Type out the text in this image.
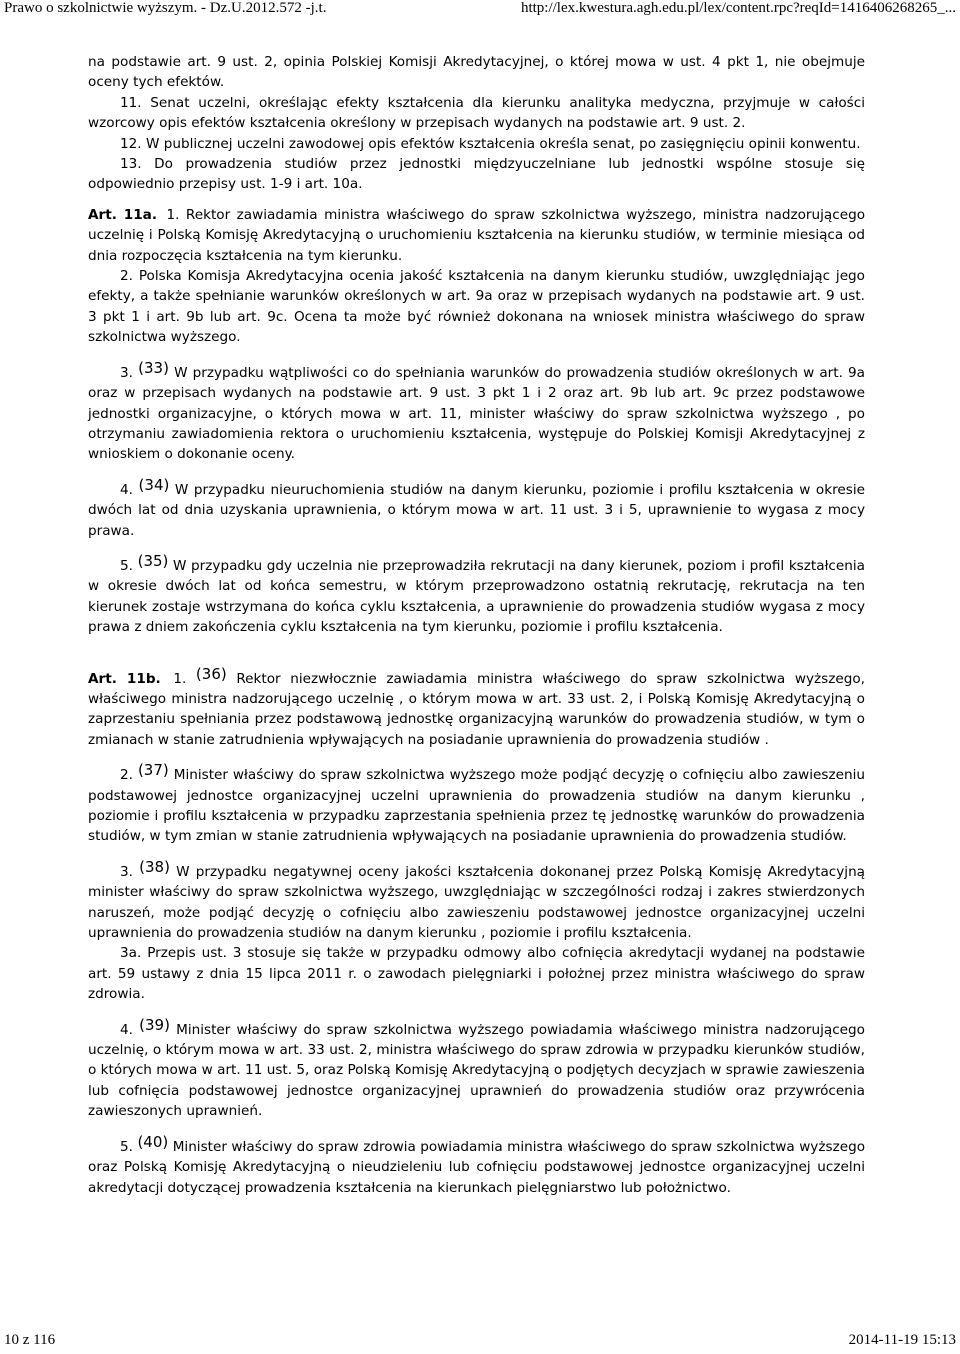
Prawo o szkolnictwie wyższym. - Dz.U.2012.572 -j.t.	http://lex.kwestura.agh.edu.pl/lex/content.rpc?reqId=1416406268265_...

na podstawie art. 9 ust. 2, opinia Polskiej Komisji Akredytacyjnej, o której mowa w ust. 4 pkt 1, nie obejmuje oceny tych efektów.

11. Senat uczelni, określając efekty kształcenia dla kierunku analityka medyczna, przyjmuje w całości wzorcowy opis efektów kształcenia określony w przepisach wydanych na podstawie art. 9 ust. 2.

12. W publicznej uczelni zawodowej opis efektów kształcenia określa senat, po zasięgnięciu opinii konwentu.

13. Do prowadzenia studiów przez jednostki międzyuczelniane lub jednostki wspólne stosuje się odpowiednio przepisy ust. 1-9 i art. 10a.

Art. 11a. 1. Rektor zawiadamia ministra właściwego do spraw szkolnictwa wyższego, ministra nadzorującego uczelnię i Polską Komisję Akredytacyjną o uruchomieniu kształcenia na kierunku studiów, w terminie miesiąca od dnia rozpoczęcia kształcenia na tym kierunku.

2. Polska Komisja Akredytacyjna ocenia jakość kształcenia na danym kierunku studiów, uwzględniając jego efekty, a także spełnianie warunków określonych w art. 9a oraz w przepisach wydanych na podstawie art. 9 ust. 3 pkt 1 i art. 9b lub art. 9c. Ocena ta może być również dokonana na wniosek ministra właściwego do spraw szkolnictwa wyższego.

3. (33) W przypadku wątpliwości co do spełniania warunków do prowadzenia studiów określonych w art. 9a oraz w przepisach wydanych na podstawie art. 9 ust. 3 pkt 1 i 2 oraz art. 9b lub art. 9c przez podstawowe jednostki organizacyjne, o których mowa w art. 11, minister właściwy do spraw szkolnictwa wyższego , po otrzymaniu zawiadomienia rektora o uruchomieniu kształcenia, występuje do Polskiej Komisji Akredytacyjnej z wnioskiem o dokonanie oceny.

4. (34) W przypadku nieuruchomienia studiów na danym kierunku, poziomie i profilu kształcenia w okresie dwóch lat od dnia uzyskania uprawnienia, o którym mowa w art. 11 ust. 3 i 5, uprawnienie to wygasa z mocy prawa.

5. (35) W przypadku gdy uczelnia nie przeprowadziła rekrutacji na dany kierunek, poziom i profil kształcenia w okresie dwóch lat od końca semestru, w którym przeprowadzono ostatnią rekrutację, rekrutacja na ten kierunek zostaje wstrzymana do końca cyklu kształcenia, a uprawnienie do prowadzenia studiów wygasa z mocy prawa z dniem zakończenia cyklu kształcenia na tym kierunku, poziomie i profilu kształcenia.

Art. 11b. 1. (36) Rektor niezwłocznie zawiadamia ministra właściwego do spraw szkolnictwa wyższego, właściwego ministra nadzorującego uczelnię , o którym mowa w art. 33 ust. 2, i Polską Komisję Akredytacyjną o zaprzestaniu spełniania przez podstawową jednostkę organizacyjną warunków do prowadzenia studiów, w tym o zmianach w stanie zatrudnienia wpływających na posiadanie uprawnienia do prowadzenia studiów .

2. (37) Minister właściwy do spraw szkolnictwa wyższego może podjąć decyzję o cofnięciu albo zawieszeniu podstawowej jednostce organizacyjnej uczelni uprawnienia do prowadzenia studiów na danym kierunku , poziomie i profilu kształcenia w przypadku zaprzestania spełnienia przez tę jednostkę warunków do prowadzenia studiów, w tym zmian w stanie zatrudnienia wpływających na posiadanie uprawnienia do prowadzenia studiów.

3. (38) W przypadku negatywnej oceny jakości kształcenia dokonanej przez Polską Komisję Akredytacyjną minister właściwy do spraw szkolnictwa wyższego, uwzględniając w szczególności rodzaj i zakres stwierdzonych naruszeń, może podjąć decyzję o cofnięciu albo zawieszeniu podstawowej jednostce organizacyjnej uczelni uprawnienia do prowadzenia studiów na danym kierunku , poziomie i profilu kształcenia.

3a. Przepis ust. 3 stosuje się także w przypadku odmowy albo cofnięcia akredytacji wydanej na podstawie art. 59 ustawy z dnia 15 lipca 2011 r. o zawodach pielęgniarki i położnej przez ministra właściwego do spraw zdrowia.

4. (39) Minister właściwy do spraw szkolnictwa wyższego powiadamia właściwego ministra nadzorującego uczelnię, o którym mowa w art. 33 ust. 2, ministra właściwego do spraw zdrowia w przypadku kierunków studiów, o których mowa w art. 11 ust. 5, oraz Polską Komisję Akredytacyjną o podjętych decyzjach w sprawie zawieszenia lub cofnięcia podstawowej jednostce organizacyjnej uprawnień do prowadzenia studiów oraz przywrócenia zawieszonych uprawnień.

5. (40) Minister właściwy do spraw zdrowia powiadamia ministra właściwego do spraw szkolnictwa wyższego oraz Polską Komisję Akredytacyjną o nieudzieleniu lub cofnięciu podstawowej jednostce organizacyjnej uczelni akredytacji dotyczącej prowadzenia kształcenia na kierunkach pielęgniarstwo lub położnictwo.

10 z 116	2014-11-19 15:13
